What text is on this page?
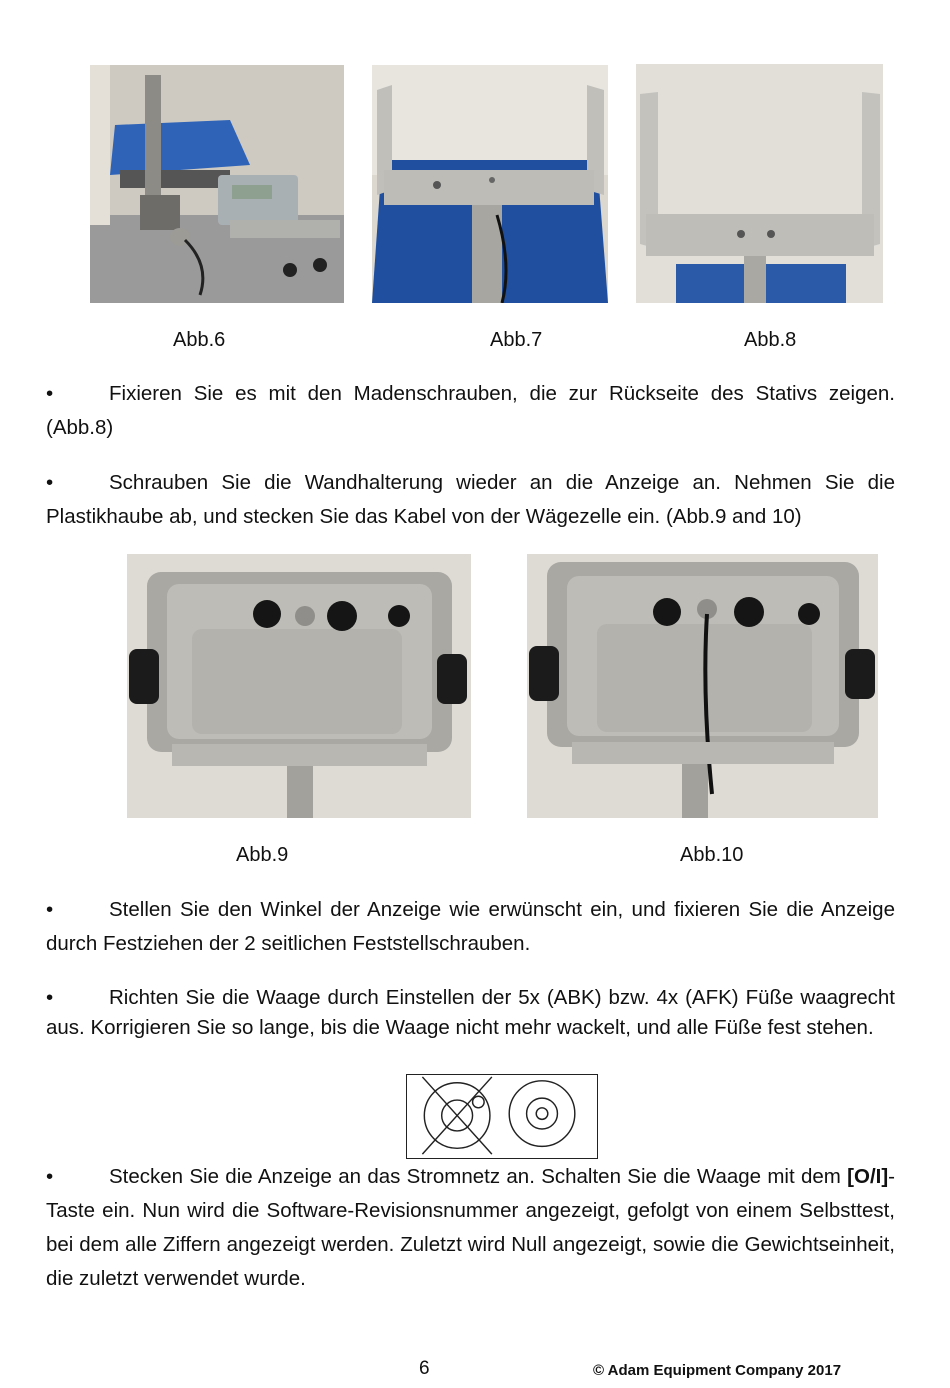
Abb.6	Abb.7	Abb.8
•	Fixieren Sie es mit den Madenschrauben, die zur Rückseite des Stativs zeigen. (Abb.8)
•	Schrauben Sie die Wandhalterung wieder an die Anzeige an. Nehmen Sie die Plastikhaube ab, und stecken Sie das Kabel von der Wägezelle ein. (Abb.9 and 10)
Abb.9	Abb.10
•	Stellen Sie den Winkel der Anzeige wie erwünscht ein, und fixieren Sie die Anzeige durch Festziehen der 2 seitlichen Feststellschrauben.
•	Richten Sie die Waage durch Einstellen der 5x (ABK) bzw. 4x (AFK) Füße waagrecht aus. Korrigieren Sie so lange, bis die Waage nicht mehr wackelt, und alle Füße fest stehen.
•	Stecken Sie die Anzeige an das Stromnetz an. Schalten Sie die Waage mit dem [O/I]-Taste ein. Nun wird die Software-Revisionsnummer angezeigt, gefolgt von einem Selbsttest, bei dem alle Ziffern angezeigt werden. Zuletzt wird Null angezeigt, sowie die Gewichtseinheit, die zuletzt verwendet wurde.
6	© Adam Equipment Company 2017
